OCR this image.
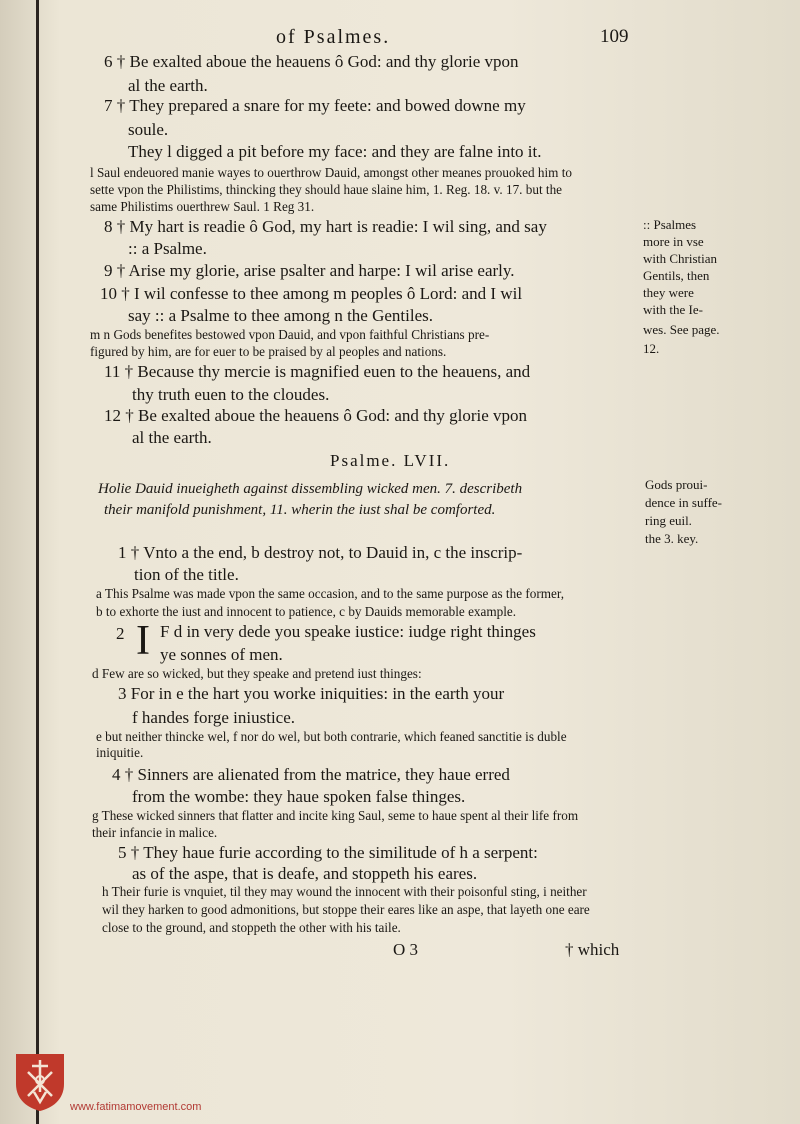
of Psalmes.	109
6 † Be exalted aboue the heauens ô God: and thy glorie vpon
al the earth.
7 † They prepared a snare for my feete: and bowed downe my
soule.
They l digged a pit before my face: and they are falne into it.
l Saul endeuored manie wayes to ouerthrow Dauid, amongst other meanes prouoked him to
sette vpon the Philistims, thincking they should haue slaine him, 1. Reg. 18. v. 17. but the
same Philistims ouerthrew Saul. 1 Reg 31.
8 † My hart is readie ô God, my hart is readie: I wil sing, and say
:: a Psalme.
9 † Arise my glorie, arise psalter and harpe: I wil arise early.
10 † I wil confesse to thee among m peoples ô Lord: and I wil
say :: a Psalme to thee among n the Gentiles.
:: Psalmes
more in vse
with Christian
Gentils, then
they were
with the Ie-
wes. See page.
12.
m n Gods benefites bestowed vpon Dauid, and vpon faithful Christians pre-
figured by him, are for euer to be praised by al peoples and nations.
11 † Because thy mercie is magnified euen to the heauens, and
thy truth euen to the cloudes.
12 † Be exalted aboue the heauens ô God: and thy glorie vpon
al the earth.
Psalme. LVII.
Holie Dauid inueigheth against dissembling wicked men. 7. describeth
their manifold punishment, 11. wherin the iust shal be comforted.
Gods proui-
dence in suffe-
ring euil.
the 3. key.
1 † Vnto a the end, b destroy not, to Dauid in, c the inscrip-
tion of the title.
a This Psalme was made vpon the same occasion, and to the same purpose as the former,
b to exhorte the iust and innocent to patience, c by Dauids memorable example.
2 I F d in very dede you speake iustice: iudge right thinges
ye sonnes of men.
d Few are so wicked, but they speake and pretend iust thinges:
3 For in e the hart you worke iniquities: in the earth your
f handes forge iniustice.
e but neither thincke wel, f nor do wel, but both contrarie, which feaned sanctitie is duble
iniquitie.
4 † Sinners are alienated from the matrice, they haue erred
from the wombe: they haue spoken false thinges.
g These wicked sinners that flatter and incite king Saul, seme to haue spent al their life from
their infancie in malice.
5 † They haue furie according to the similitude of h a serpent:
as of the aspe, that is deafe, and stoppeth his eares.
h Their furie is vnquiet, til they may wound the innocent with their poisonful sting, i neither
wil they harken to good admonitions, but stoppe their eares like an aspe, that layeth one eare
close to the ground, and stoppeth the other with his taile.
O 3	† which
www.fatimamovement.com
